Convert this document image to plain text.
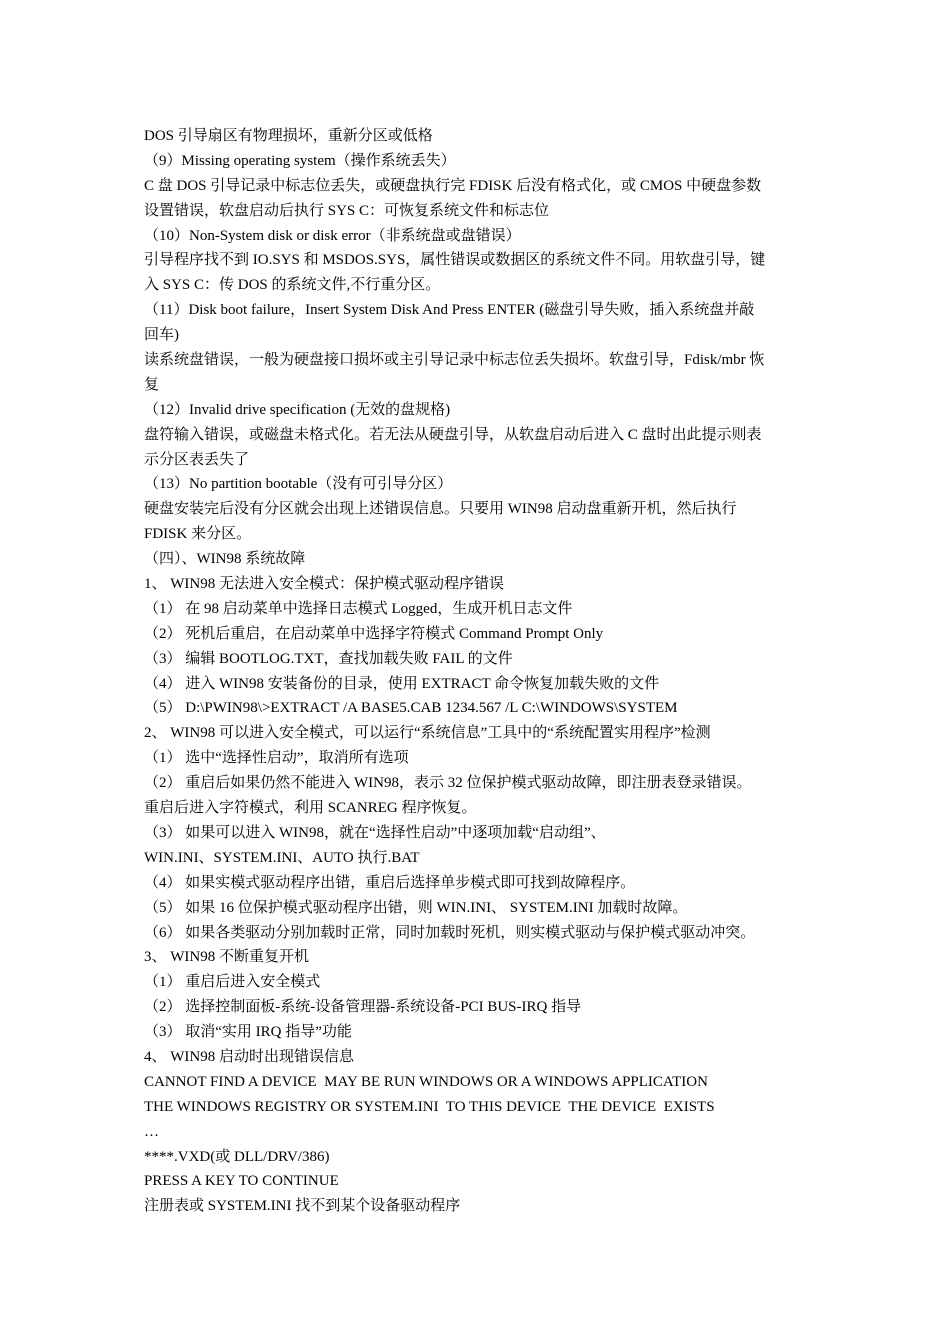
DOS 引导扇区有物理损坏，重新分区或低格

（9）Missing operating system（操作系统丢失）

C 盘 DOS 引导记录中标志位丢失，或硬盘执行完 FDISK 后没有格式化，或 CMOS 中硬盘参数

设置错误，软盘启动后执行 SYS C：可恢复系统文件和标志位

（10）Non-System disk or disk error（非系统盘或盘错误）

引导程序找不到 IO.SYS 和 MSDOS.SYS，属性错误或数据区的系统文件不同。用软盘引导，键

入 SYS C：传 DOS 的系统文件,不行重分区。

（11）Disk boot failure，Insert System Disk And Press ENTER (磁盘引导失败，插入系统盘并敲

回车)

读系统盘错误，一般为硬盘接口损坏或主引导记录中标志位丢失损坏。软盘引导，Fdisk/mbr 恢

复

（12）Invalid drive specification (无效的盘规格)

盘符输入错误，或磁盘未格式化。若无法从硬盘引导，从软盘启动后进入 C 盘时出此提示则表

示分区表丢失了

（13）No partition bootable（没有可引导分区）

硬盘安装完后没有分区就会出现上述错误信息。只要用 WIN98 启动盘重新开机，然后执行

FDISK 来分区。

（四）、WIN98 系统故障

1、 WIN98 无法进入安全模式：保护模式驱动程序错误

（1） 在 98 启动菜单中选择日志模式 Logged，生成开机日志文件

（2） 死机后重启，在启动菜单中选择字符模式 Command Prompt Only

（3） 编辑 BOOTLOG.TXT，查找加载失败 FAIL 的文件

（4） 进入 WIN98 安装备份的目录，使用 EXTRACT 命令恢复加载失败的文件

（5） D:\PWIN98\>EXTRACT /A BASE5.CAB 1234.567 /L C:\WINDOWS\SYSTEM

2、 WIN98 可以进入安全模式，可以运行“系统信息”工具中的“系统配置实用程序”检测

（1） 选中“选择性启动”，取消所有选项

（2） 重启后如果仍然不能进入 WIN98，表示 32 位保护模式驱动故障，即注册表登录错误。

重启后进入字符模式，利用 SCANREG 程序恢复。

（3） 如果可以进入 WIN98，就在“选择性启动”中逐项加载“启动组”、

WIN.INI、SYSTEM.INI、AUTO 执行.BAT

（4） 如果实模式驱动程序出错，重启后选择单步模式即可找到故障程序。

（5） 如果 16 位保护模式驱动程序出错，则 WIN.INI、 SYSTEM.INI 加载时故障。

（6） 如果各类驱动分别加载时正常，同时加载时死机，则实模式驱动与保护模式驱动冲突。

3、 WIN98 不断重复开机

（1） 重启后进入安全模式

（2） 选择控制面板-系统-设备管理器-系统设备-PCI BUS-IRQ 指导

（3） 取消“实用 IRQ 指导”功能

4、 WIN98 启动时出现错误信息

CANNOT FIND A DEVICE  MAY BE RUN WINDOWS OR A WINDOWS APPLICATION

THE WINDOWS REGISTRY OR SYSTEM.INI  TO THIS DEVICE  THE DEVICE  EXISTS

…

****.VXD(或 DLL/DRV/386)

PRESS A KEY TO CONTINUE

注册表或 SYSTEM.INI 找不到某个设备驱动程序
